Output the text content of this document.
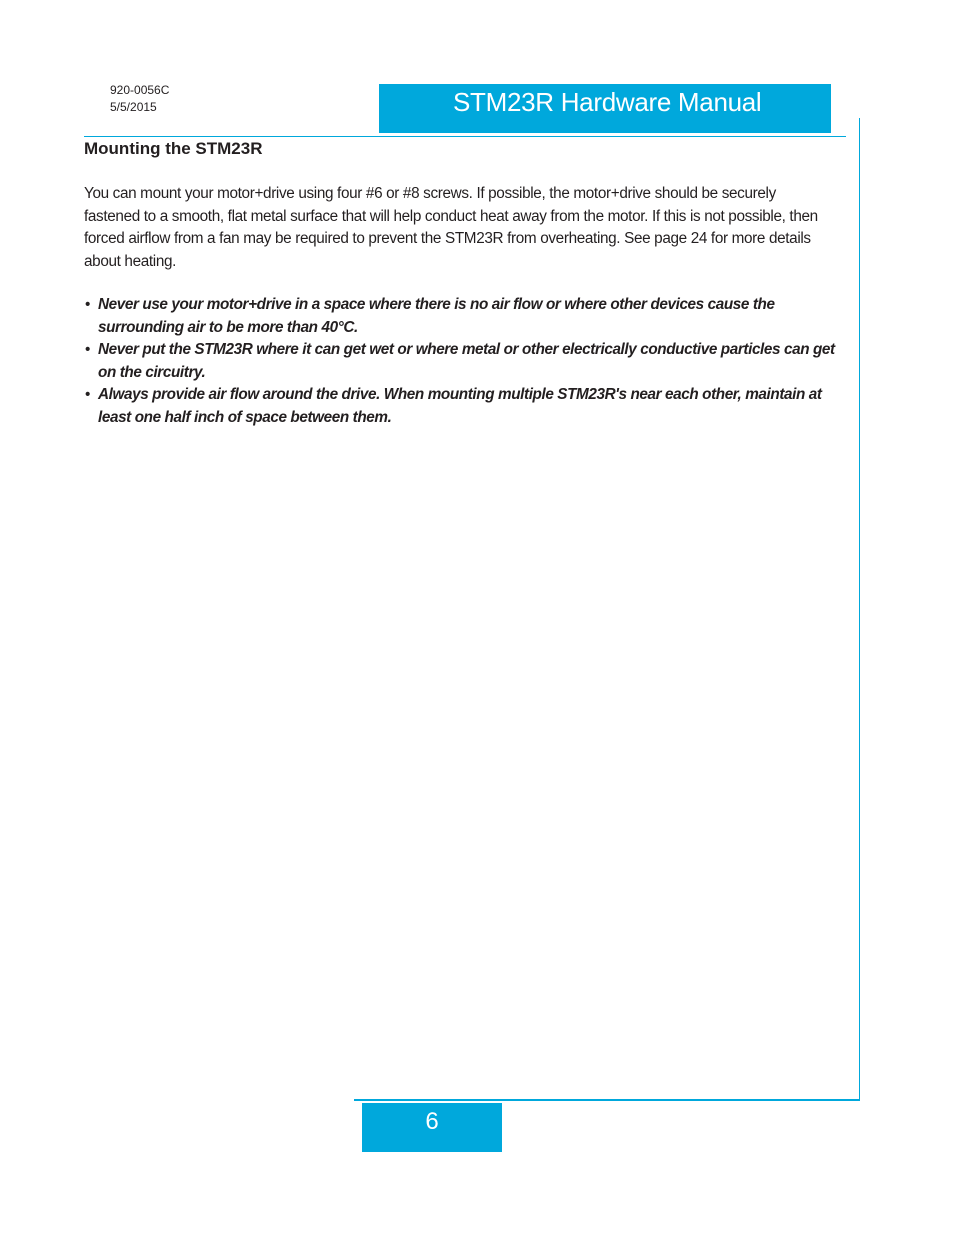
920-0056C
5/5/2015	STM23R Hardware Manual
Mounting the STM23R

You can mount your motor+drive using four #6 or #8 screws. If possible, the motor+drive should be securely fastened to a smooth, flat metal surface that will help conduct heat away from the motor. If this is not possible, then forced airflow from a fan may be required to prevent the STM23R from overheating. See page 24 for more details about heating.

• Never use your motor+drive in a space where there is no air flow or where other devices cause the surrounding air to be more than 40°C.
• Never put the STM23R where it can get wet or where metal or other electrically conductive particles can get on the circuitry.
• Always provide air flow around the drive. When mounting multiple STM23R's near each other, maintain at least one half inch of space between them.
6
